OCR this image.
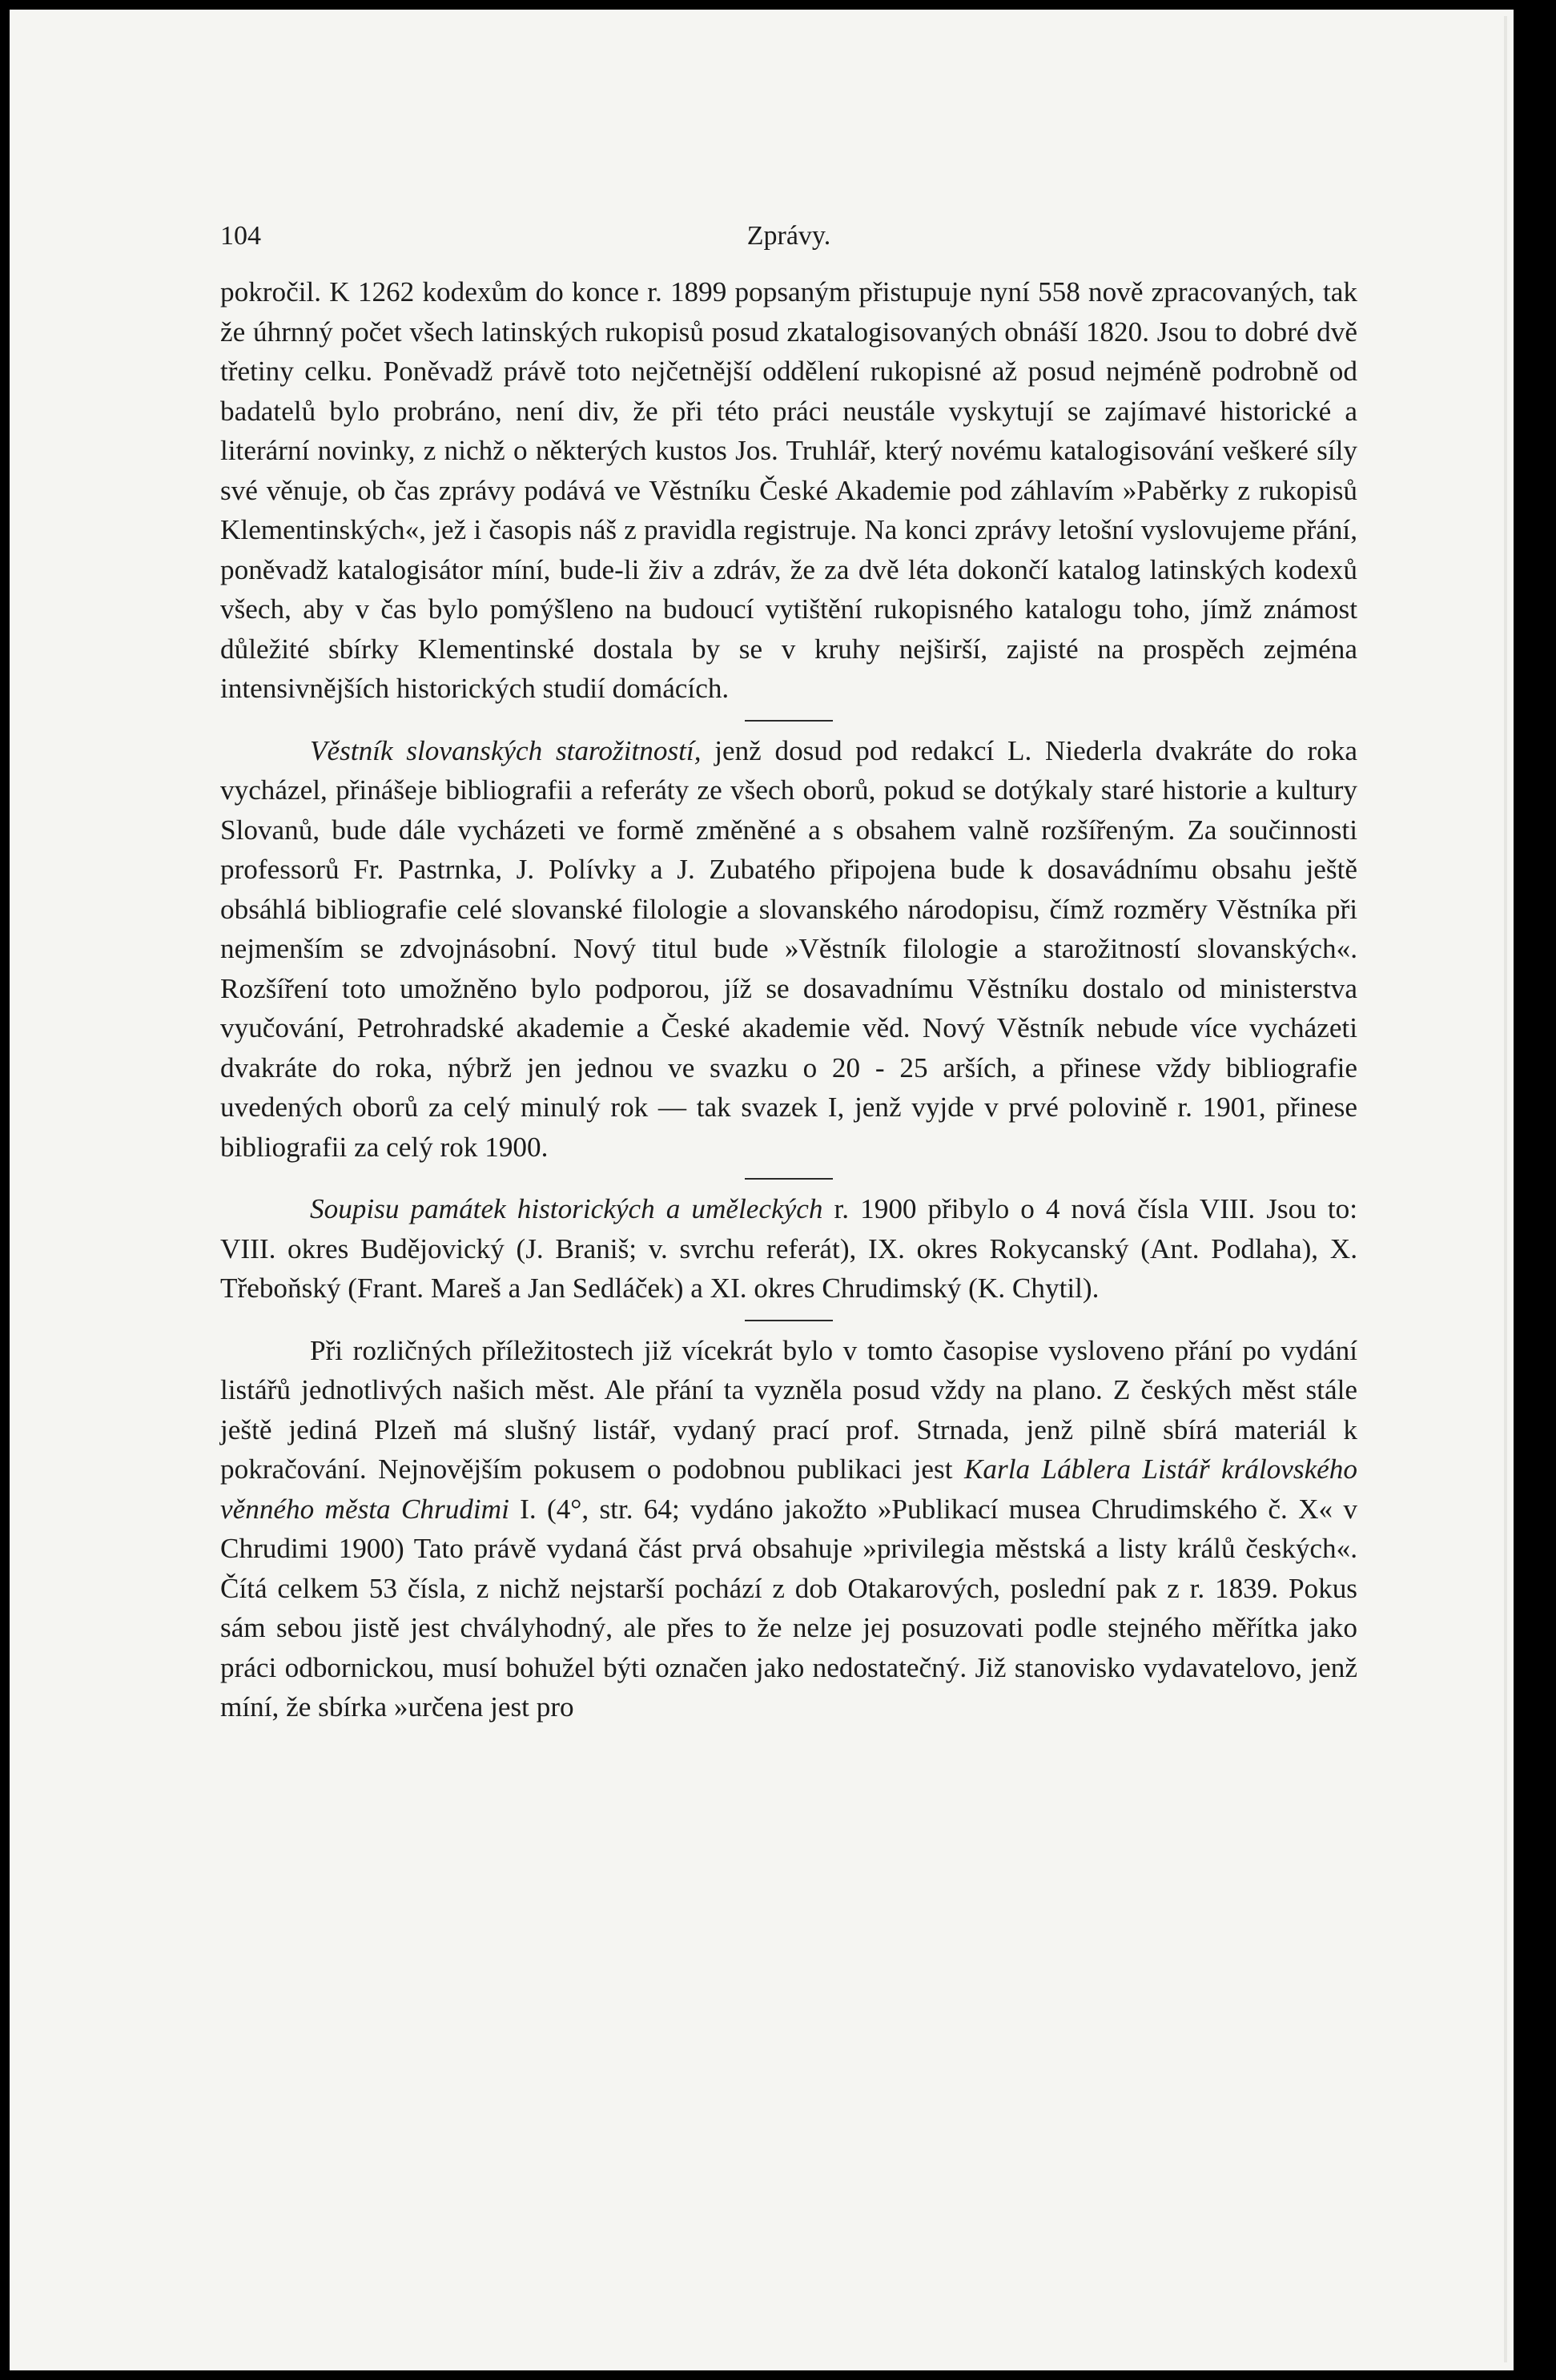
104	Zprávy.

pokročil. K 1262 kodexům do konce r. 1899 popsaným přistupuje nyní 558 nově zpracovaných, tak že úhrnný počet všech latinských rukopisů posud zkatalogisovaných obnáší 1820. Jsou to dobré dvě třetiny celku. Poněvadž právě toto nejčetnější oddělení rukopisné až posud nejméně podrobně od badatelů bylo probráno, není div, že při této práci neustále vyskytují se zajímavé historické a literární novinky, z nichž o některých kustos Jos. Truhlář, který novému katalogisování veškeré síly své věnuje, ob čas zprávy podává ve Věstníku České Akademie pod záhlavím »Paběrky z rukopisů Klementinských«, jež i časopis náš z pravidla registruje. Na konci zprávy letošní vyslovujeme přání, poněvadž katalogisátor míní, bude-li živ a zdráv, že za dvě léta dokončí katalog latinských kodexů všech, aby v čas bylo pomýšleno na budoucí vytištění rukopisného katalogu toho, jímž známost důležité sbírky Klementinské dostala by se v kruhy nejširší, zajisté na prospěch zejména intensivnějších historických studií domácích.

Věstník slovanských starožitností, jenž dosud pod redakcí L. Niederla dvakráte do roka vycházel, přinášeje bibliografii a referáty ze všech oborů, pokud se dotýkaly staré historie a kultury Slovanů, bude dále vycházeti ve formě změněné a s obsahem valně rozšířeným. Za součinnosti professorů Fr. Pastrnka, J. Polívky a J. Zubatého připojena bude k dosavádnímu obsahu ještě obsáhlá bibliografie celé slovanské filologie a slovanského národopisu, čímž rozměry Věstníka při nejmenším se zdvojnásobní. Nový titul bude »Věstník filologie a starožitností slovanských«. Rozšíření toto umožněno bylo podporou, jíž se dosavadnímu Věstníku dostalo od ministerstva vyučování, Petrohradské akademie a České akademie věd. Nový Věstník nebude více vycházeti dvakráte do roka, nýbrž jen jednou ve svazku o 20 - 25 arších, a přinese vždy bibliografie uvedených oborů za celý minulý rok — tak svazek I, jenž vyjde v prvé polovině r. 1901, přinese bibliografii za celý rok 1900.

Soupisu památek historických a uměleckých r. 1900 přibylo o 4 nová čísla VIII. Jsou to: VIII. okres Budějovický (J. Braniš; v. svrchu referát), IX. okres Rokycanský (Ant. Podlaha), X. Třeboňský (Frant. Mareš a Jan Sedláček) a XI. okres Chrudimský (K. Chytil).

Při rozličných příležitostech již vícekrát bylo v tomto časopise vysloveno přání po vydání listářů jednotlivých našich měst. Ale přání ta vyzněla posud vždy na plano. Z českých měst stále ještě jediná Plzeň má slušný listář, vydaný prací prof. Strnada, jenž pilně sbírá materiál k pokračování. Nejnovějším pokusem o podobnou publikaci jest Karla Láblera Listář královského věnného města Chrudimi I. (4°, str. 64; vydáno jakožto »Publikací musea Chrudimského č. X« v Chrudimi 1900) Tato právě vydaná část prvá obsahuje »privilegia městská a listy králů českých«. Čítá celkem 53 čísla, z nichž nejstarší pochází z dob Otakarových, poslední pak z r. 1839. Pokus sám sebou jistě jest chvályhodný, ale přes to že nelze jej posuzovati podle stejného měřítka jako práci odbornickou, musí bohužel býti označen jako nedostatečný. Již stanovisko vydavatelovo, jenž míní, že sbírka »určena jest pro
